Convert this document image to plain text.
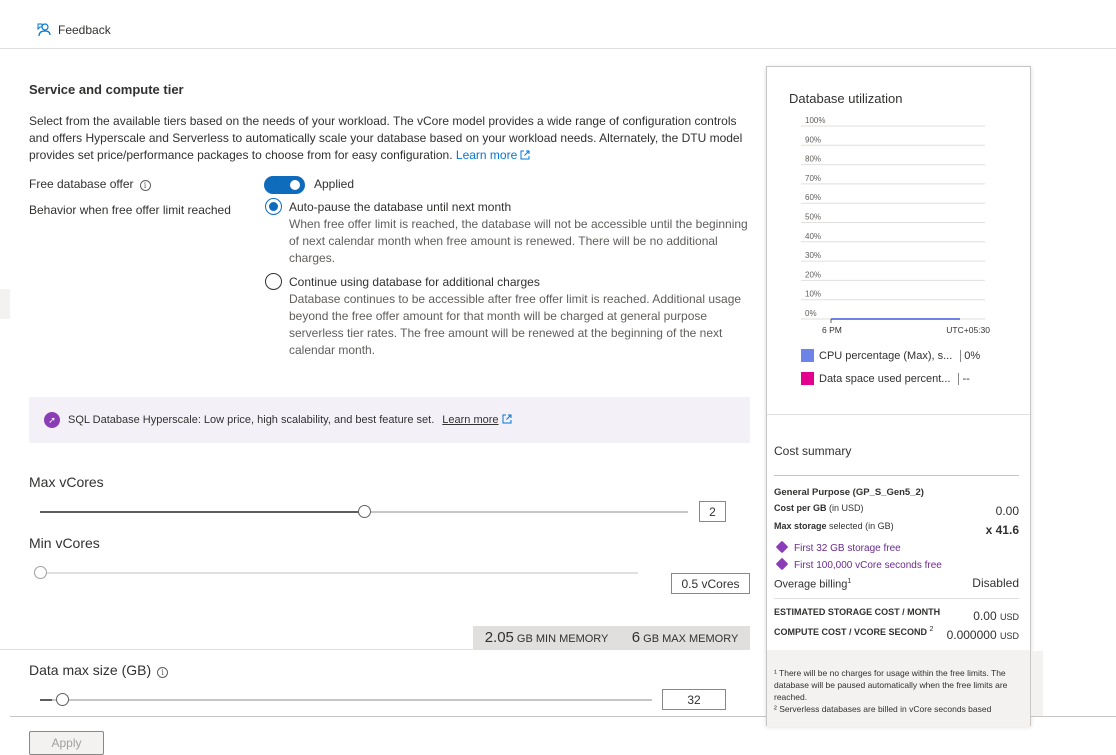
Feedback
Service and compute tier
Select from the available tiers based on the needs of your workload. The vCore model provides a wide range of configuration controls and offers Hyperscale and Serverless to automatically scale your database based on your workload needs. Alternately, the DTU model provides set price/performance packages to choose from for easy configuration. Learn more
Free database offer i	Applied
Behavior when free offer limit reached	Auto-pause the database until next month
When free offer limit is reached, the database will not be accessible until the beginning of next calendar month when free amount is renewed. There will be no additional charges.
Continue using database for additional charges
Database continues to be accessible after free offer limit is reached. Additional usage beyond the free offer amount for that month will be charged at general purpose serverless tier rates. The free amount will be renewed at the beginning of the next calendar month.
➚	SQL Database Hyperscale: Low price, high scalability, and best feature set. Learn more
Max vCores
2
Min vCores
0.5 vCores
2.05 GB MIN MEMORY 6 GB MAX MEMORY
Data max size (GB) i
32
Apply
Database utilization
100%
90%
80%
70%
60%
50%
40%
30%
20%
10%
0%
6 PM	UTC+05:30
CPU percentage (Max), s...	0%
Data space used percent...	--
Cost summary
General Purpose (GP_S_Gen5_2)
Cost per GB (in USD)	0.00
Max storage selected (in GB)	x 41.6
First 32 GB storage free
First 100,000 vCore seconds free
Overage billing$^1$	Disabled
ESTIMATED STORAGE COST / MONTH	0.00 USD
COMPUTE COST / VCORE SECOND $^2$	0.000000 USD
¹ There will be no charges for usage within the free limits. The database will be paused automatically when the free limits are reached.
² Serverless databases are billed in vCore seconds based
